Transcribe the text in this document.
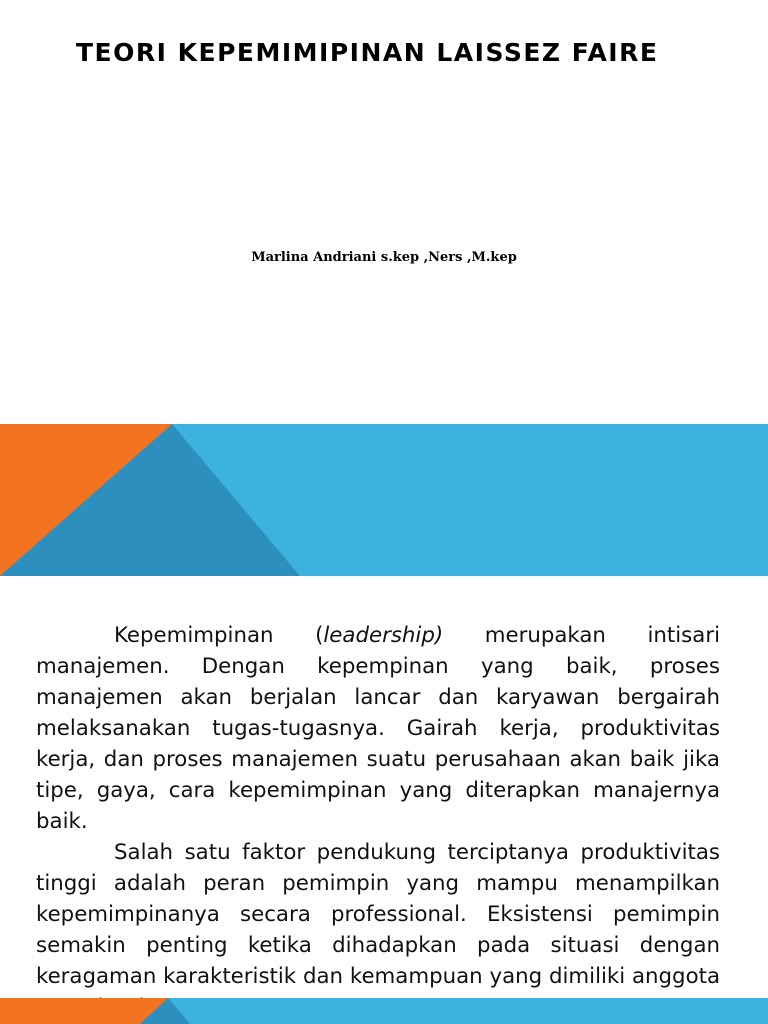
TEORI KEPEMIMIPINAN LAISSEZ FAIRE
Marlina Andriani s.kep ,Ners ,M.kep

Kepemimpinan (leadership) merupakan intisari manajemen. Dengan kepempinan yang baik, proses manajemen akan berjalan lancar dan karyawan bergairah melaksanakan tugas-tugasnya. Gairah kerja, produktivitas kerja, dan proses manajemen suatu perusahaan akan baik jika tipe, gaya, cara kepemimpinan yang diterapkan manajernya baik.

Salah satu faktor pendukung terciptanya produktivitas tinggi adalah peran pemimpin yang mampu menampilkan kepemimpinanya secara professional. Eksistensi pemimpin semakin penting ketika dihadapkan pada situasi dengan keragaman karakteristik dan kemampuan yang dimiliki anggota
